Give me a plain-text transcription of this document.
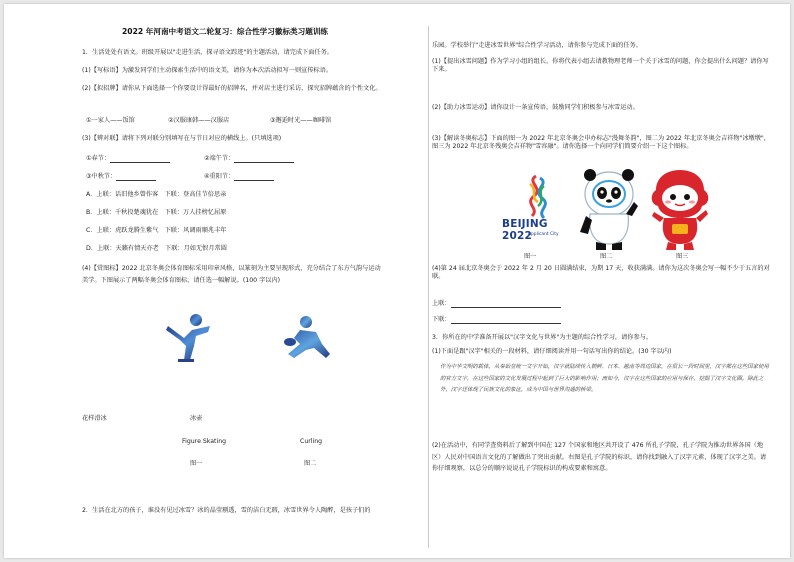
2022 年河南中考语文二轮复习：综合性学习徽标类习题训练
1．生活处处有语文。班级开展以"走进生活，探寻语文踪迹"的主题活动，请完成下面任务。
(1)【写标语】为激发同学们主动探索生活中的语文美，请你为本次活动拟写一则宣传标语。
(2)【拟招牌】请你从下面选择一个你要设计得最好的招牌名，并对店主进行采访，探究招牌蕴含的个性文化。
①一家人——饭馆	②汉服康韩——汉服店	③邂逅时光——咖啡馆
(3)【辨对联】请将下列对联分别填写在与节日对应的横线上。(只填选项)
①春节：	②端午节：
③中秋节：	④重阳节：
A．上联：话旧他乡曾作客　下联：登高佳节倍思亲
B．上联：千秋投楚魂犹在　下联：万人挂榜忆屈原
C．上联：虎跃龙腾生紫气　下联：风调雨顺兆丰年
D．上联：天籁有情天亦老　下联：月如无恨月常圆
(4)【赏图标】2022 北京冬奥会体育图标采用印章风格，以篆刻为主要呈现形式，充分结合了东方气韵与运动
美学。下图展示了两幅冬奥会体育图标，请任选一幅解说。(100 字以内)
花样滑冰	冰壶
Figure Skating	Curling
图一	图二
2．生活在北方的孩子，谁没有见过冰雪？冰的晶莹剔透，雪的洁白无瑕，冰雪世界令人陶醉，是孩子们的
乐园。学校举行"走进冰雪世界"综合性学习活动，请你参与完成下面的任务。
(1)【提出冰雪问题】作为学习小组的组长，你将代表小组去请教物理老师一个关于冰雪的问题，你会提出什么问题？请你写下来。
(2)【助力冰雪运动】请你设计一条宣传语，鼓励同学们积极参与冰雪运动。
(3)【解读冬奥标志】下面的图一为 2022 年北京冬奥会申办标志"漫舞冬韵"，图二为 2022 年北京冬奥会吉祥物"冰墩墩"，图三为 2022 年北京冬残奥会吉祥物"雪容融"。请你选择一个向同学们简要介绍一下这个图标。
BEIJING 2022
Applicant City
图一	图二	图三
(4)第 24 届北京冬奥会于 2022 年 2 月 20 日圆满结束，为期 17 天，收获满满。请你为这次冬奥会写一幅不少于五言的对联。
上联：
下联：
3．你所在的中学准备开展以"汉字文化与世界"为主题的综合性学习，请你参与。
(1)下面是跟"汉字"相关的一段材料，请仔细阅读并用一句话写出你的结论。(30 字以内)
作为中华文明的载体，从秦始皇统一文字开始，汉字就陆续传入朝鲜、日本、越南等周边国家，在很长一段时间里，汉字都在这些国家使用的官方文字，在这些国家的文化发展过程中起到了巨大的影响作用；而如今，汉字在这些国家的应用与保存，挖掘了汉字文化圈。除此之外，汉字还体现了民族文化的象征，成为中国与世界沟通的桥梁。
(2)在活动中，有同学查资料后了解到中国在 127 个国家和地区共开设了 476 所孔子学院，孔子学院为推动世界各国（地区）人民对中国语言文化的了解做出了突出贡献。右图是孔子学院的标识，请你找到融入了汉字元素，体现了汉字之美。请你仔细观察，以总分的顺序说说孔子学院标识的构成要素和寓意。
